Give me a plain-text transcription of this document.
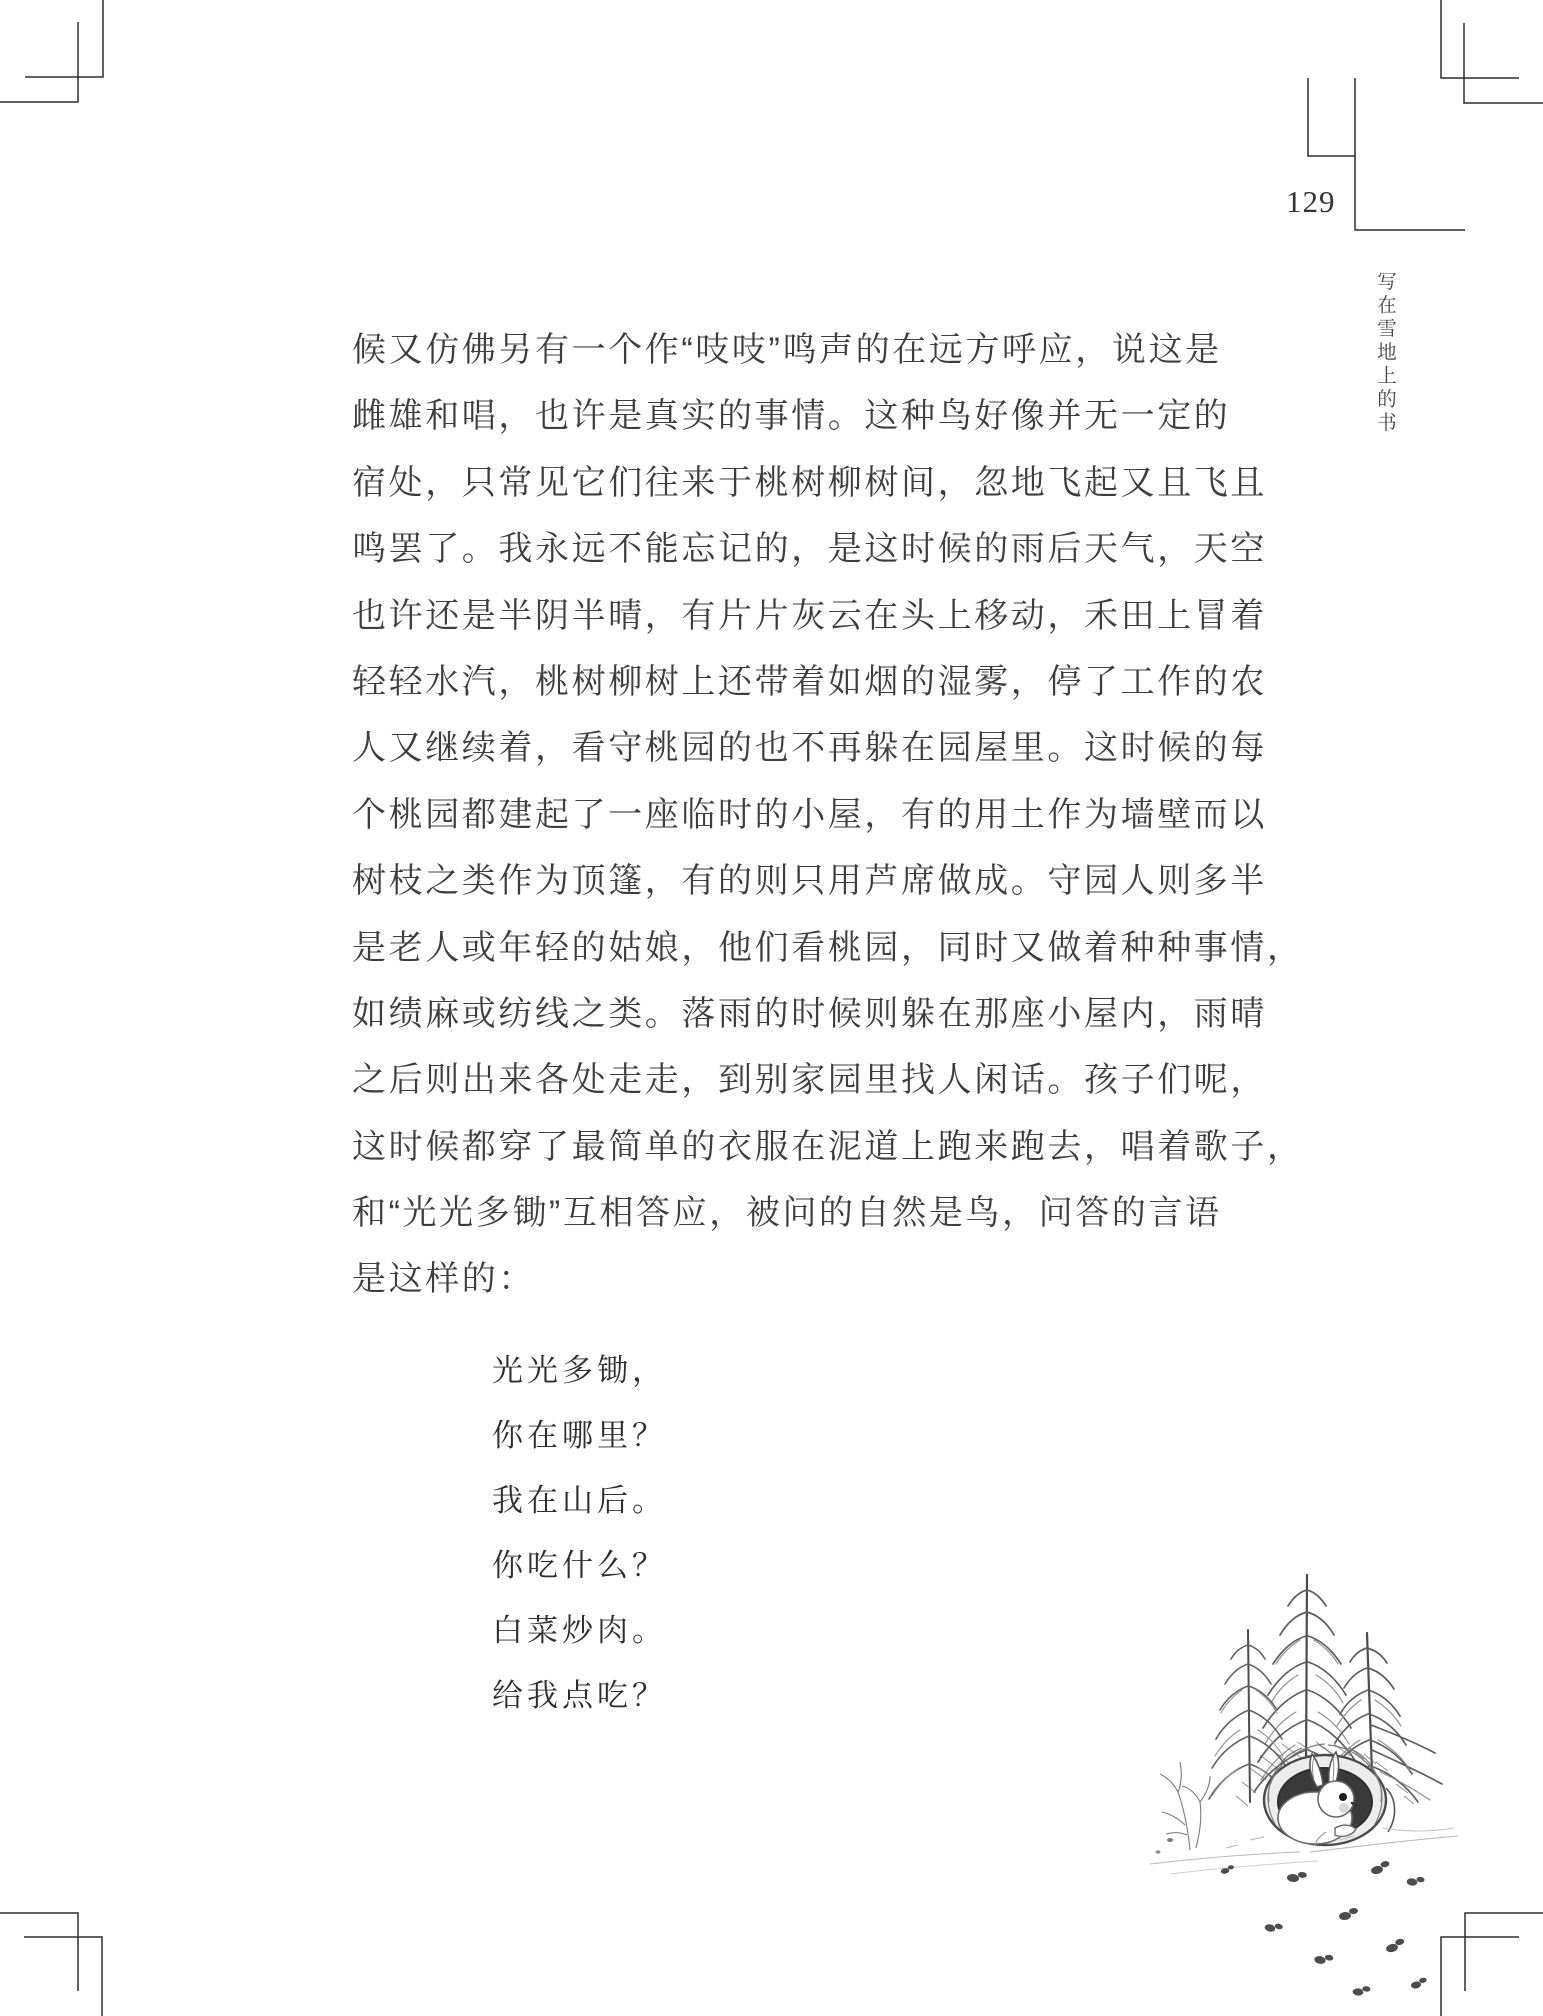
129
写在雪地上的书
候又仿佛另有一个作“吱吱”鸣声的在远方呼应，说这是
雌雄和唱，也许是真实的事情。这种鸟好像并无一定的
宿处，只常见它们往来于桃树柳树间，忽地飞起又且飞且
鸣罢了。我永远不能忘记的，是这时候的雨后天气，天空
也许还是半阴半晴，有片片灰云在头上移动，禾田上冒着
轻轻水汽，桃树柳树上还带着如烟的湿雾，停了工作的农
人又继续着，看守桃园的也不再躲在园屋里。这时候的每
个桃园都建起了一座临时的小屋，有的用土作为墙壁而以
树枝之类作为顶篷，有的则只用芦席做成。守园人则多半
是老人或年轻的姑娘，他们看桃园，同时又做着种种事情，
如绩麻或纺线之类。落雨的时候则躲在那座小屋内，雨晴
之后则出来各处走走，到别家园里找人闲话。孩子们呢，
这时候都穿了最简单的衣服在泥道上跑来跑去，唱着歌子，
和“光光多锄”互相答应，被问的自然是鸟，问答的言语
是这样的：
光光多锄，
你在哪里？
我在山后。
你吃什么？
白菜炒肉。
给我点吃？
